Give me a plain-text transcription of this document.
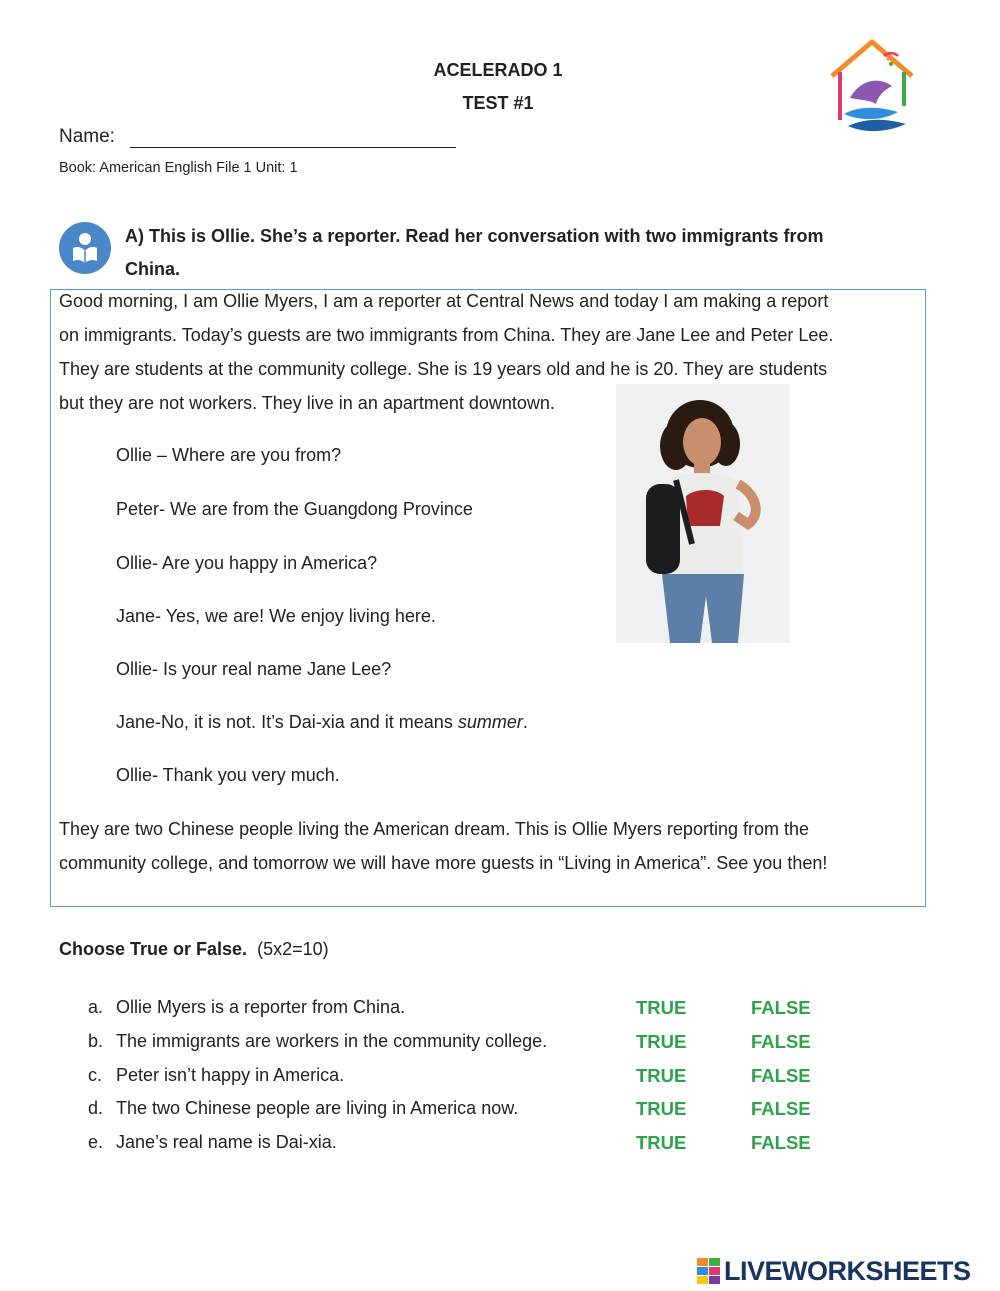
ACELERADO 1
TEST #1
Name:
Book: American English File 1 Unit: 1
A) This is Ollie. She’s a reporter. Read her conversation with two immigrants from
China.
Good morning, I am Ollie Myers, I am a reporter at Central News and today I am making a report
on immigrants. Today’s guests are two immigrants from China. They are Jane Lee and Peter Lee.
They are students at the community college. She is 19 years old and he is 20. They are students
but they are not workers. They live in an apartment downtown.
Ollie – Where are you from?
Peter- We are from the Guangdong Province
Ollie- Are you happy in America?
Jane- Yes, we are! We enjoy living here.
Ollie- Is your real name Jane Lee?
Jane-No, it is not. It’s Dai-xia and it means summer.
Ollie- Thank you very much.
They are two Chinese people living the American dream. This is Ollie Myers reporting from the
community college, and tomorrow we will have more guests in “Living in America”. See you then!
Choose True or False. (5x2=10)
a. Ollie Myers is a reporter from China.	TRUE	FALSE
b. The immigrants are workers in the community college.	TRUE	FALSE
c. Peter isn’t happy in America.	TRUE	FALSE
d. The two Chinese people are living in America now.	TRUE	FALSE
e. Jane’s real name is Dai-xia.	TRUE	FALSE
LIVEWORKSHEETS
